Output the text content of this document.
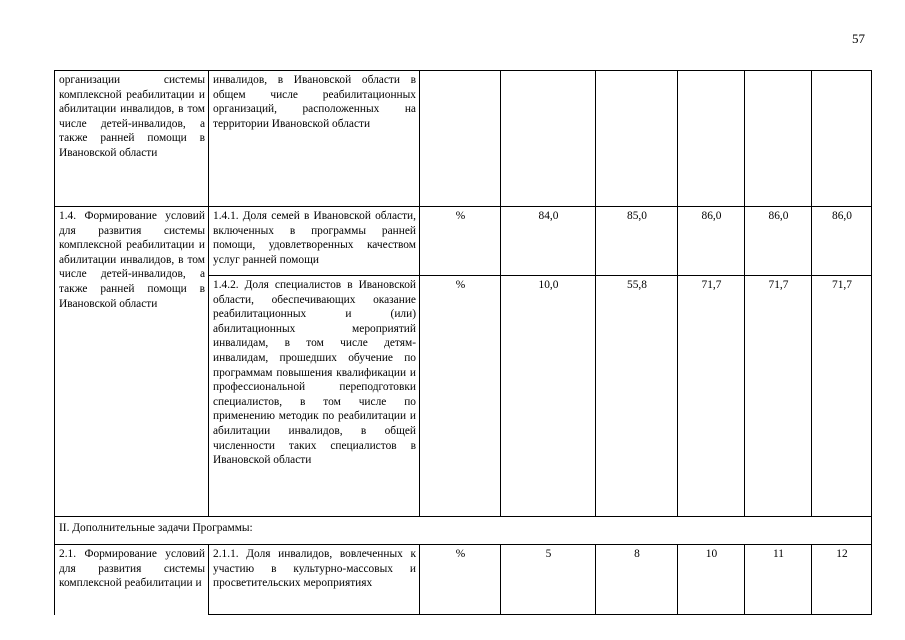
57
организации системы комплексной реабилитации и абилитации инвалидов, в том числе детей-инвалидов, а также ранней помощи в Ивановской области	инвалидов, в Ивановской области в общем числе реабилитационных организаций, расположенных на территории Ивановской области						
1.4. Формирование условий для развития системы комплексной реабилитации и абилитации инвалидов, в том числе детей-инвалидов, а также ранней помощи в Ивановской области	1.4.1. Доля семей в Ивановской области, включенных в программы ранней помощи, удовлетворенных качеством услуг ранней помощи	%	84,0	85,0	86,0	86,0	86,0
	1.4.2. Доля специалистов в Ивановской области, обеспечивающих оказание реабилитационных и (или) абилитационных мероприятий инвалидам, в том числе детям-инвалидам, прошедших обучение по программам повышения квалификации и профессиональной переподготовки специалистов, в том числе по применению методик по реабилитации и абилитации инвалидов, в общей численности таких специалистов в Ивановской области	%	10,0	55,8	71,7	71,7	71,7
II. Дополнительные задачи Программы:							
2.1. Формирование условий для развития системы комплексной реабилитации и	2.1.1. Доля инвалидов, вовлеченных к участию в культурно-массовых и просветительских мероприятиях	%	5	8	10	11	12
